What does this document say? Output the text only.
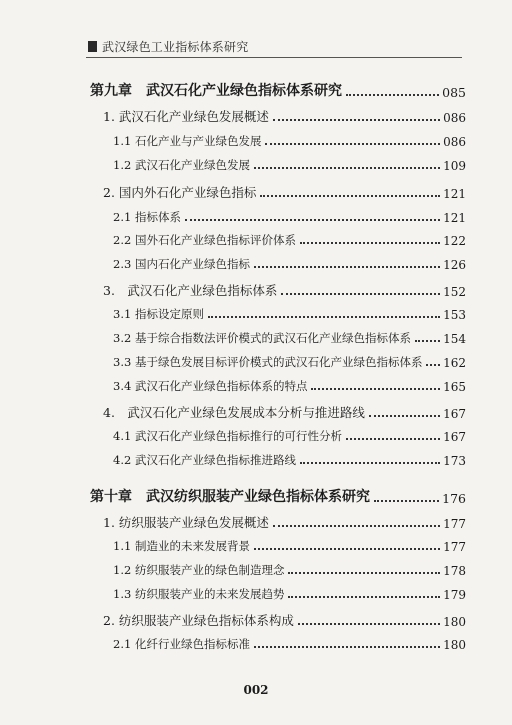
武汉绿色工业指标体系研究
第九章　武汉石化产业绿色指标体系研究	085
1. 武汉石化产业绿色发展概述	086
1.1 石化产业与产业绿色发展	086
1.2 武汉石化产业绿色发展	109
2. 国内外石化产业绿色指标	121
2.1 指标体系	121
2.2 国外石化产业绿色指标评价体系	122
2.3 国内石化产业绿色指标	126
3.　武汉石化产业绿色指标体系	152
3.1 指标设定原则	153
3.2 基于综合指数法评价模式的武汉石化产业绿色指标体系	154
3.3 基于绿色发展目标评价模式的武汉石化产业绿色指标体系 162
3.4 武汉石化产业绿色指标体系的特点	165
4.　武汉石化产业绿色发展成本分析与推进路线	167
4.1 武汉石化产业绿色指标推行的可行性分析	167
4.2 武汉石化产业绿色指标推进路线	173
第十章　武汉纺织服装产业绿色指标体系研究	176
1. 纺织服装产业绿色发展概述	177
1.1 制造业的未来发展背景	177
1.2 纺织服装产业的绿色制造理念	178
1.3 纺织服装产业的未来发展趋势	179
2. 纺织服装产业绿色指标体系构成	180
2.1 化纤行业绿色指标标准	180
002
